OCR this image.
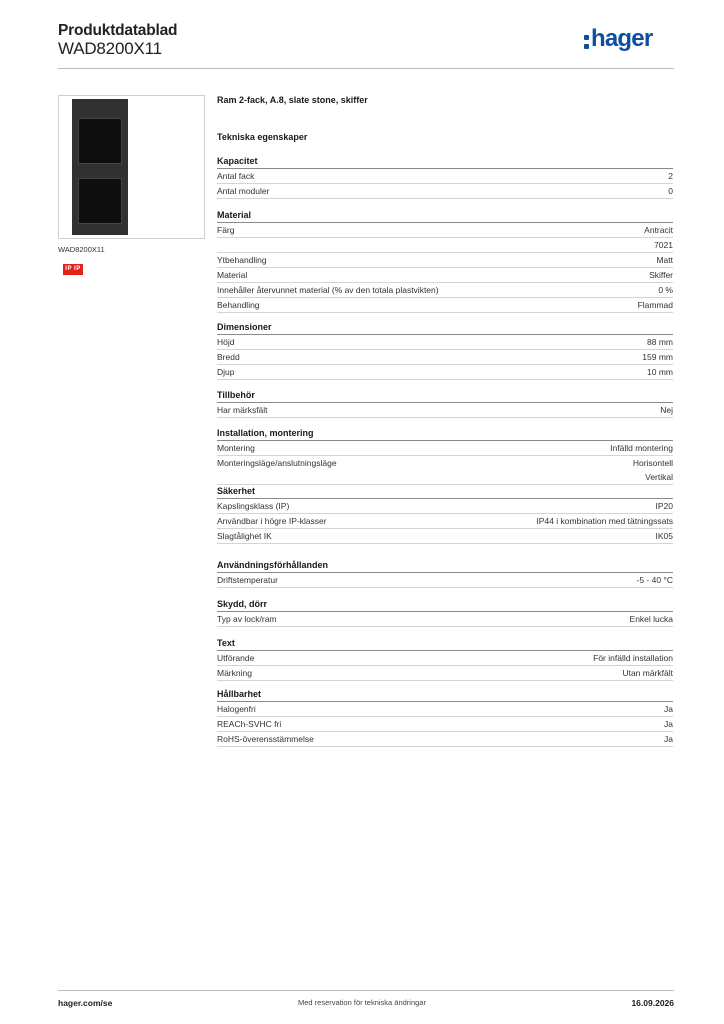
Produktdatablad
WAD8200X11	hager
WAD8200X11
IP IP
Ram 2-fack, A.8, slate stone, skiffer
Tekniska egenskaper
Kapacitet
Antal fack	2
Antal moduler	0
Material
Färg	Antracit
7021
Ytbehandling	Matt
Material	Skiffer
Innehåller återvunnet material (% av den totala plastvikten)	0 %
Behandling	Flammad
Dimensioner
Höjd	88 mm
Bredd	159 mm
Djup	10 mm
Tillbehör
Har märksfält	Nej
Installation, montering
Montering	Infälld montering
Monteringsläge/anslutningsläge	Horisontell
Vertikal
Säkerhet
Kapslingsklass (IP)	IP20
Användbar i högre IP-klasser	IP44 i kombination med tätningssats
Slagtålighet IK	IK05
Användningsförhållanden
Driftstemperatur	-5 - 40 °C
Skydd, dörr
Typ av lock/ram	Enkel lucka
Text
Utförande	För infälld installation
Märkning	Utan märkfält
Hållbarhet
Halogenfri	Ja
REACh-SVHC fri	Ja
RoHS-överensstämmelse	Ja
hager.com/se	Med reservation för tekniska ändringar	16.09.2026
